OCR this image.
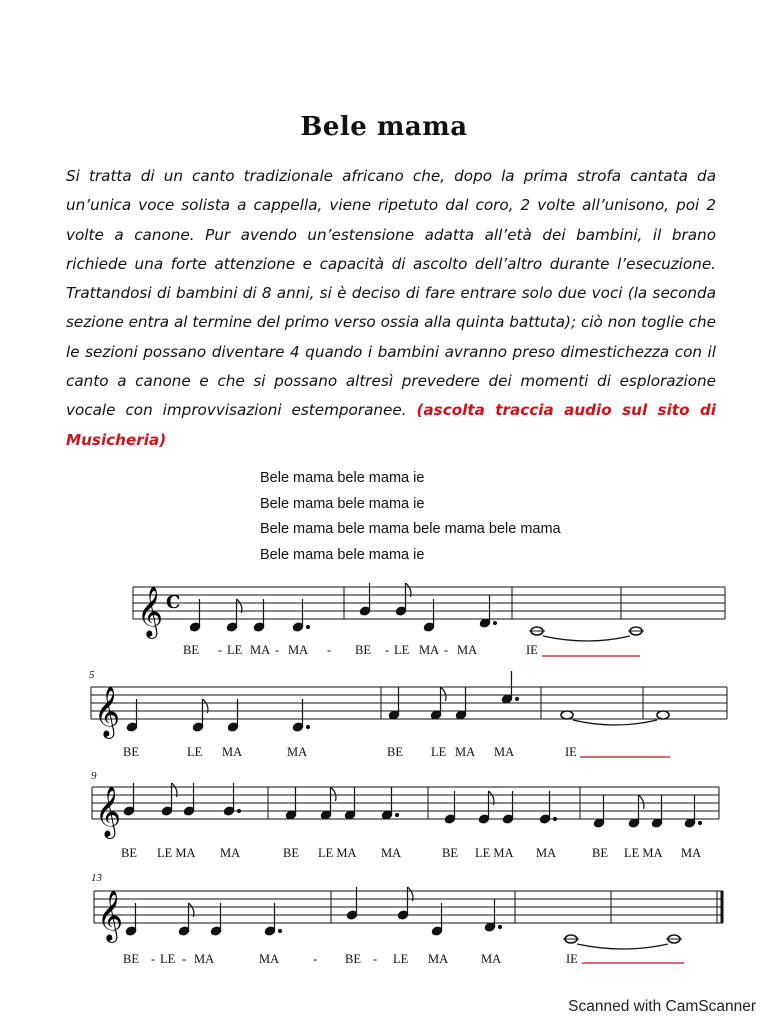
Bele mama
Si tratta di un canto tradizionale africano che, dopo la prima strofa cantata da un’unica voce solista a cappella, viene ripetuto dal coro, 2 volte all’unisono, poi 2 volte a canone. Pur avendo un’estensione adatta all’età dei bambini, il brano richiede una forte attenzione e capacità di ascolto dell’altro durante l’esecuzione. Trattandosi di bambini di 8 anni, si è deciso di fare entrare solo due voci (la seconda sezione entra al termine del primo verso ossia alla quinta battuta); ciò non toglie che le sezioni possano diventare 4 quando i bambini avranno preso dimestichezza con il canto a canone e che si possano altresì prevedere dei momenti di esplorazione vocale con improvvisazioni estemporanee. (ascolta traccia audio sul sito di Musicheria)
Bele mama bele mama ie
Bele mama bele mama ie
Bele mama bele mama bele mama bele mama
Bele mama bele mama ie
𝄞 C
BE - LE MA - MA - BE - LE MA - MA	IE
5
𝄞
BE	LE MA	MA	BE LE MA MA	IE
9
𝄞
BE LE MA MA	BE LE MA MA	BE LE MA MA	BE LE MA MA
13
𝄞
BE - LE - MA	MA	- BE - LE MA	MA	IE
Scanned with CamScanner
